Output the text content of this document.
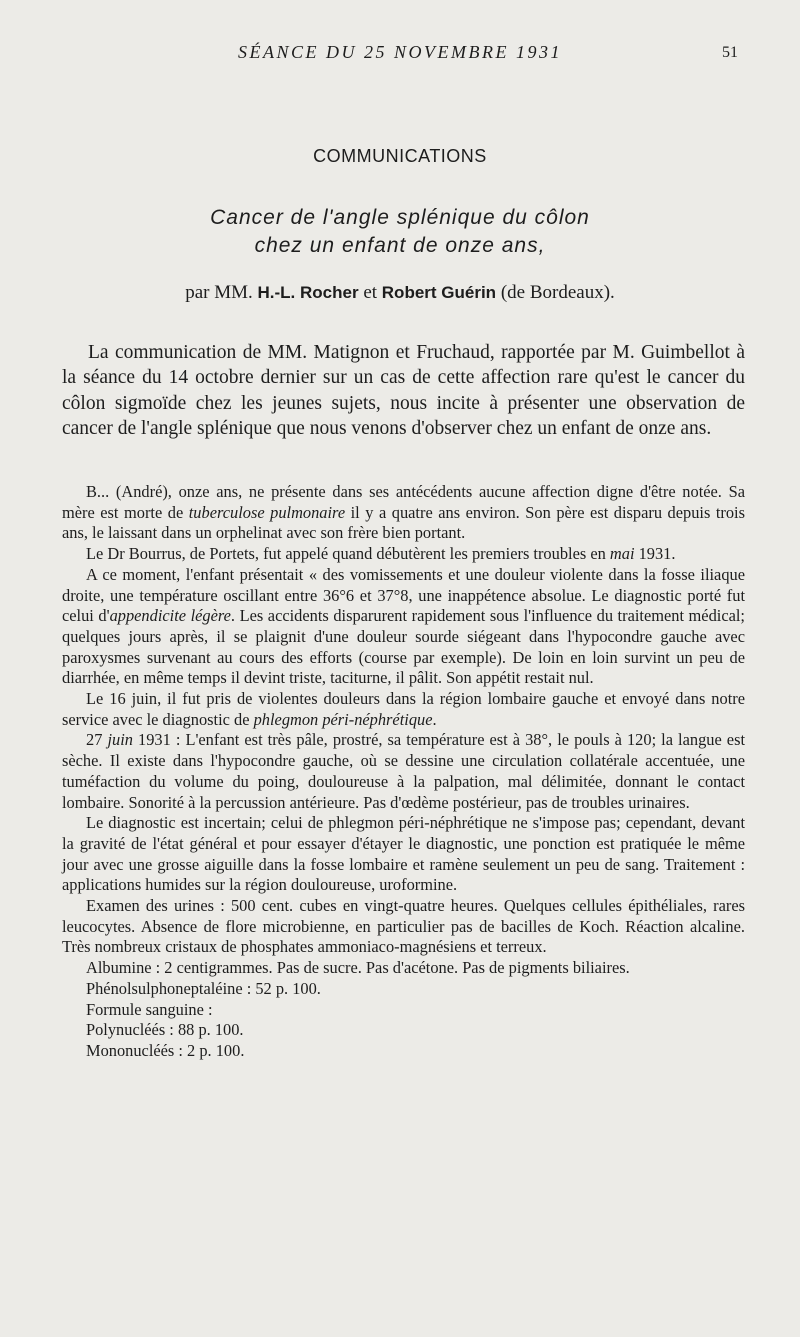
SÉANCE DU 25 NOVEMBRE 1931	51
COMMUNICATIONS
Cancer de l'angle splénique du côlon
chez un enfant de onze ans,
par MM. H.-L. Rocher et Robert Guérin (de Bordeaux).
La communication de MM. Matignon et Fruchaud, rapportée par M. Guimbellot à la séance du 14 octobre dernier sur un cas de cette affection rare qu'est le cancer du côlon sigmoïde chez les jeunes sujets, nous incite à présenter une observation de cancer de l'angle splénique que nous venons d'observer chez un enfant de onze ans.

B... (André), onze ans, ne présente dans ses antécédents aucune affection digne d'être notée. Sa mère est morte de tuberculose pulmonaire il y a quatre ans environ. Son père est disparu depuis trois ans, le laissant dans un orphelinat avec son frère bien portant.

Le Dr Bourrus, de Portets, fut appelé quand débutèrent les premiers troubles en mai 1931.

A ce moment, l'enfant présentait « des vomissements et une douleur violente dans la fosse iliaque droite, une température oscillant entre 36°6 et 37°8, une inappétence absolue. Le diagnostic porté fut celui d'appendicite légère. Les accidents disparurent rapidement sous l'influence du traitement médical; quelques jours après, il se plaignit d'une douleur sourde siégeant dans l'hypocondre gauche avec paroxysmes survenant au cours des efforts (course par exemple). De loin en loin survint un peu de diarrhée, en même temps il devint triste, taciturne, il pâlit. Son appétit restait nul.

Le 16 juin, il fut pris de violentes douleurs dans la région lombaire gauche et envoyé dans notre service avec le diagnostic de phlegmon péri-néphrétique.

27 juin 1931 : L'enfant est très pâle, prostré, sa température est à 38°, le pouls à 120; la langue est sèche. Il existe dans l'hypocondre gauche, où se dessine une circulation collatérale accentuée, une tuméfaction du volume du poing, douloureuse à la palpation, mal délimitée, donnant le contact lombaire. Sonorité à la percussion antérieure. Pas d'œdème postérieur, pas de troubles urinaires.

Le diagnostic est incertain; celui de phlegmon péri-néphrétique ne s'impose pas; cependant, devant la gravité de l'état général et pour essayer d'étayer le diagnostic, une ponction est pratiquée le même jour avec une grosse aiguille dans la fosse lombaire et ramène seulement un peu de sang. Traitement : applications humides sur la région douloureuse, uroformine.

Examen des urines : 500 cent. cubes en vingt-quatre heures. Quelques cellules épithéliales, rares leucocytes. Absence de flore microbienne, en particulier pas de bacilles de Koch. Réaction alcaline. Très nombreux cristaux de phosphates ammoniaco-magnésiens et terreux.

Albumine : 2 centigrammes. Pas de sucre. Pas d'acétone. Pas de pigments biliaires.

Phénolsulphoneptaléine : 52 p. 100.

Formule sanguine :

Polynucléés : 88 p. 100.

Mononucléés : 2 p. 100.
